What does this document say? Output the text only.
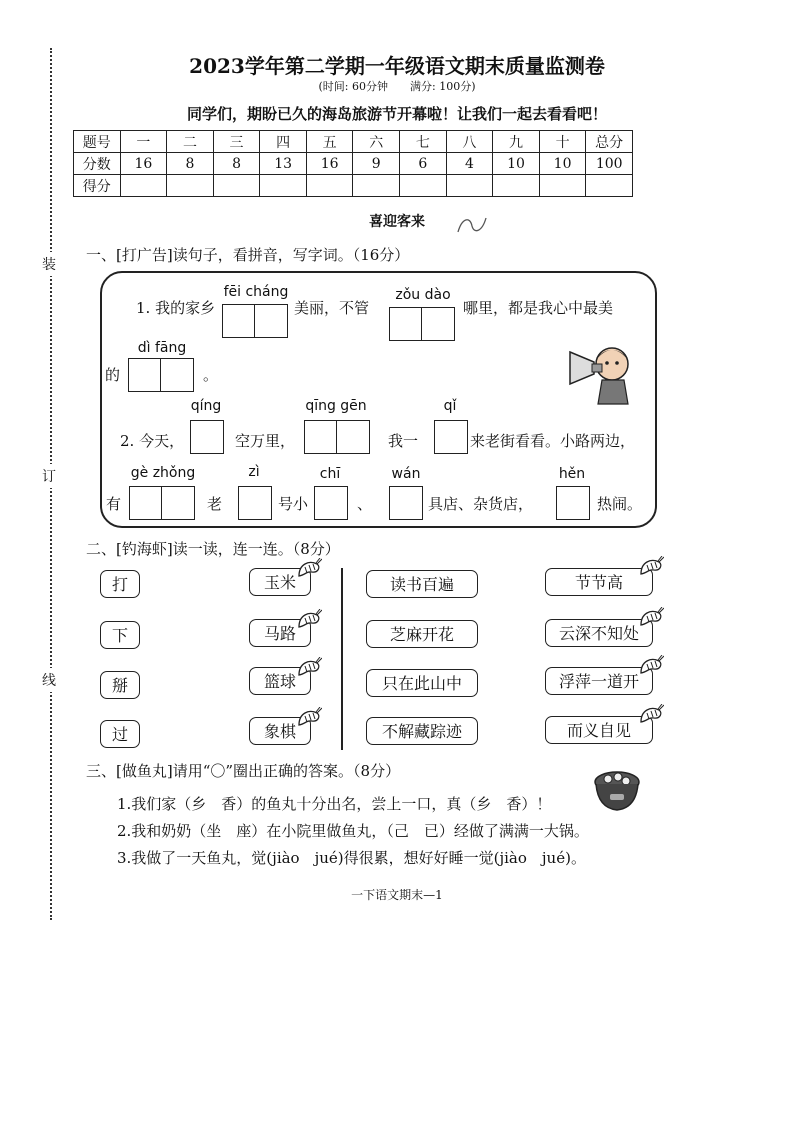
装
订
线
2023学年第二学期一年级语文期末质量监测卷
(时间: 60分钟　　满分: 100分)
同学们，期盼已久的海岛旅游节开幕啦！让我们一起去看看吧！
题号	一	二	三	四	五	六	七	八	九	十	总分
分数	16	8	8	13	16	9	6	4	10	10	100
得分											
喜迎客来
一、[打广告]读句子，看拼音，写字词。（16分）
1. 我的家乡
fēi cháng
美丽，不管
zǒu dào
哪里，都是我心中最美
的
dì fāng
。
2. 今天，
qíng
空万里，
qīng gēn
我一
qǐ
来老街看看。小路两边，
有
gè zhǒng
老
zì
号小
chī
、
wán
具店、杂货店，
hěn
热闹。
二、[钓海虾]读一读，连一连。（8分）
打
下
掰
过
玉米
马路
篮球
象棋
读书百遍
芝麻开花
只在此山中
不解藏踪迹
节节高
云深不知处
浮萍一道开
而义自见
三、[做鱼丸]请用“〇”圈出正确的答案。（8分）
1.我们家（乡　香）的鱼丸十分出名，尝上一口，真（乡　香）！
2.我和奶奶（坐　座）在小院里做鱼丸，（己　已）经做了满满一大锅。
3.我做了一天鱼丸，觉(jiào　jué)得很累，想好好睡一觉(jiào　jué)。
一下语文期末—1
